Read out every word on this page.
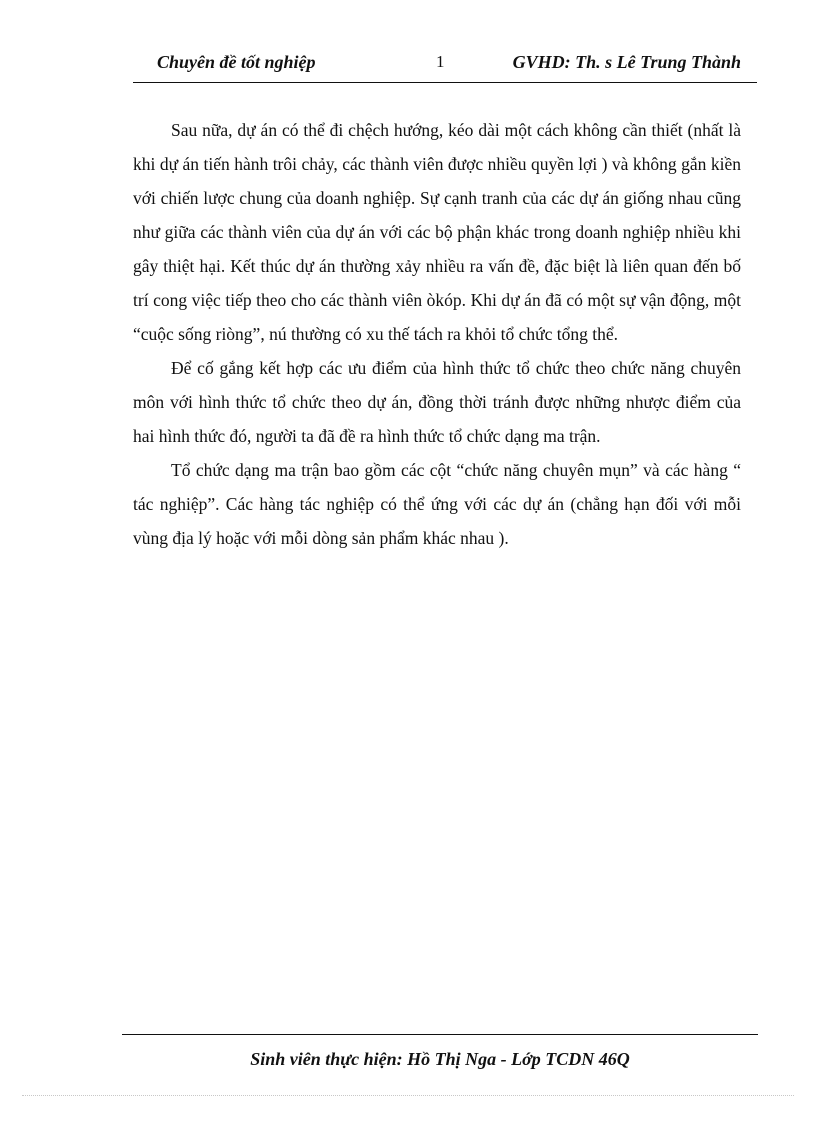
Chuyên đề tốt nghiệp	1	GVHD: Th. s Lê Trung Thành

Sau nữa, dự án có thể đi chệch hướng, kéo dài một cách không cần thiết (nhất là khi dự án tiến hành trôi chảy, các thành viên được nhiều quyền lợi ) và không gắn kiền với chiến lược chung của doanh nghiệp. Sự cạnh tranh của các dự án giống nhau cũng như giữa các thành viên của dự án với các bộ phận khác trong doanh nghiệp nhiều khi gây thiệt hại. Kết thúc dự án thường xảy nhiều ra vấn đề, đặc biệt là liên quan đến bố trí cong việc tiếp theo cho các thành viên òkóp. Khi dự án đã có một sự vận động, một “cuộc sống riòng”, nú thường có xu thế tách ra khỏi tổ chức tổng thể.

Để cố gắng kết hợp các ưu điểm của hình thức tổ chức theo chức năng chuyên môn với hình thức tổ chức theo dự án, đồng thời tránh được những nhược điểm của hai hình thức đó, người ta đã đề ra hình thức tổ chức dạng ma trận.

Tổ chức dạng ma trận bao gồm các cột “chức năng chuyên mụn” và các hàng “ tác nghiệp”. Các hàng tác nghiệp có thể ứng với các dự án (chẳng hạn đối với mỗi vùng địa lý hoặc với mỗi dòng sản phẩm khác nhau ).

Sinh viên thực hiện: Hồ Thị Nga - Lớp TCDN 46Q
